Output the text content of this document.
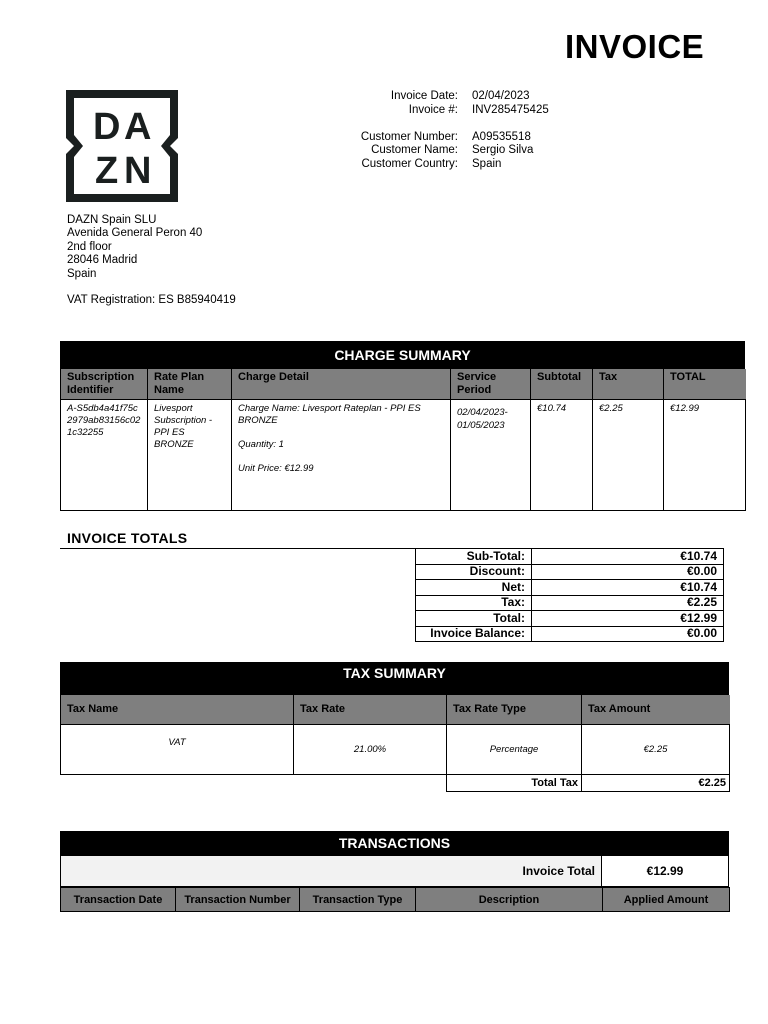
INVOICE
D A
Z N
Invoice Date:	02/04/2023
Invoice #:	INV285475425
Customer Number:	A09535518
Customer Name:	Sergio Silva
Customer Country:	Spain
DAZN Spain SLU
Avenida General Peron 40
2nd floor
28046 Madrid
Spain
VAT Registration: ES B85940419
CHARGE SUMMARY
Subscription Identifier	Rate Plan Name	Charge Detail	Service Period	Subtotal	Tax	TOTAL
A-S5db4a41f75c2979ab83156c021c32255	Livesport Subscription - PPI ES BRONZE	Charge Name: Livesport Rateplan - PPI ES BRONZE
Quantity: 1
Unit Price: €12.99	02/04/2023-01/05/2023	€10.74	€2.25	€12.99
INVOICE TOTALS
Sub-Total:	€10.74
Discount:	€0.00
Net:	€10.74
Tax:	€2.25
Total:	€12.99
Invoice Balance:	€0.00
TAX SUMMARY
Tax Name	Tax Rate	Tax Rate Type	Tax Amount
VAT	21.00%	Percentage	€2.25
Total Tax	€2.25
TRANSACTIONS
Invoice Total	€12.99
Transaction Date	Transaction Number	Transaction Type	Description	Applied Amount
